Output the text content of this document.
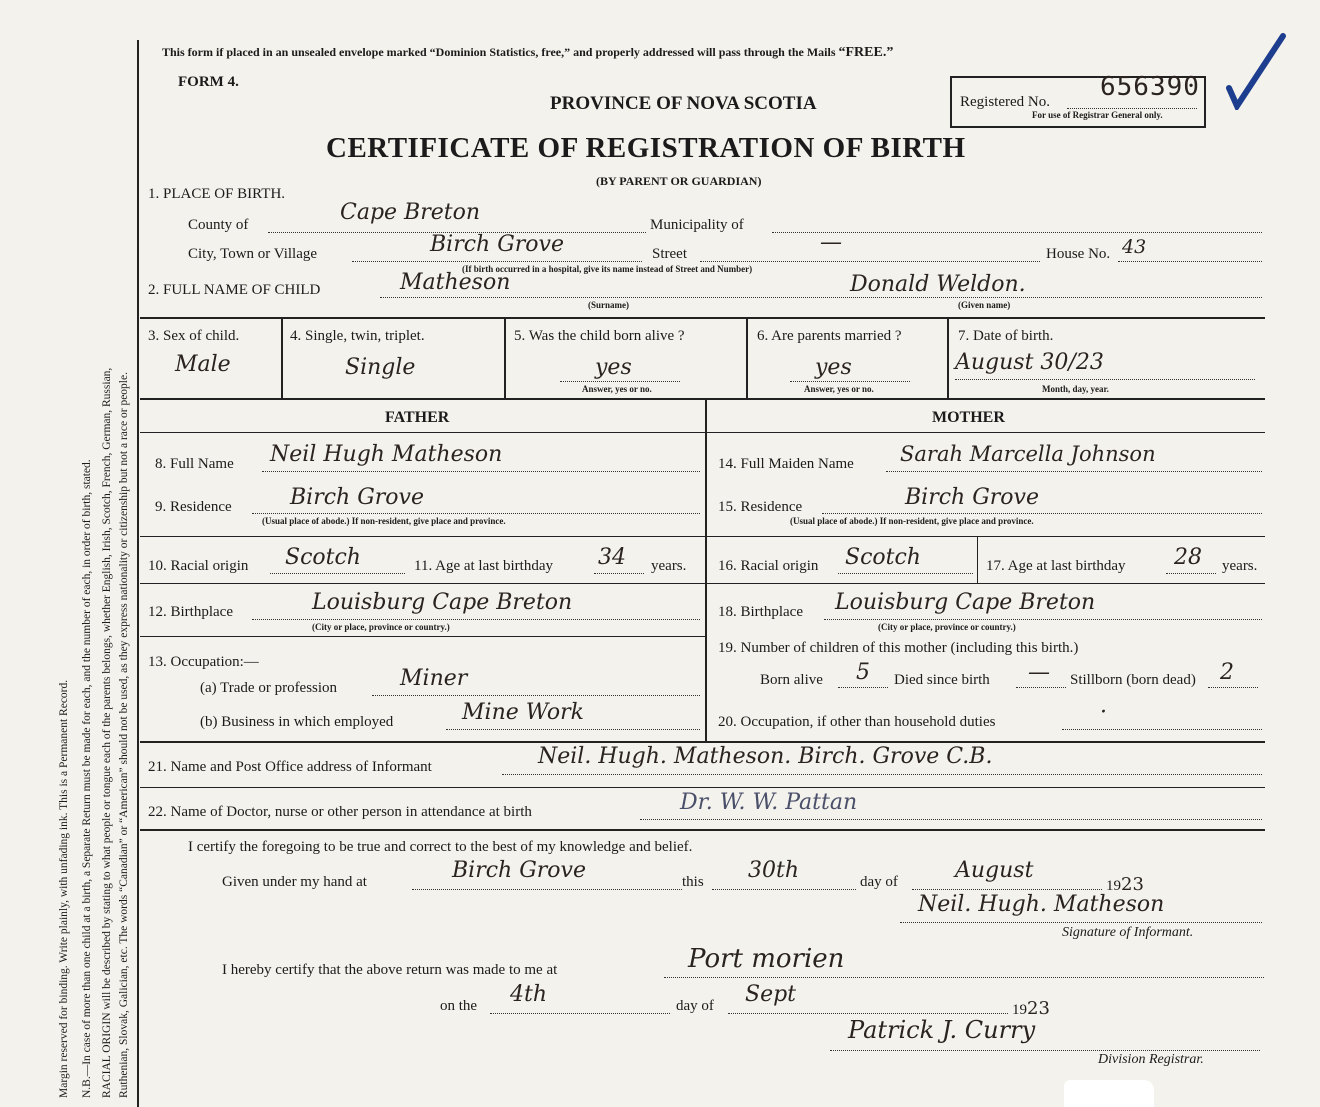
Margin reserved for binding. Write plainly, with unfading ink. This is a Permanent Record. N.B.—In case of more than one child at a birth, a Separate Return must be made for each, and the number of each, in order of birth, stated. RACIAL ORIGIN will be described by stating to what people or tongue each of the parents belongs, whether English, Irish, Scotch, French, German, Russian, Ruthenian, Slovak, Galician, etc. The words “Canadian” or “American” should not be used, as they express nationality or citizenship but not a race or people.
This form if placed in an unsealed envelope marked “Dominion Statistics, free,” and properly addressed will pass through the Mails “FREE.”
FORM 4.
PROVINCE OF NOVA SCOTIA
CERTIFICATE OF REGISTRATION OF BIRTH
(BY PARENT OR GUARDIAN)
Registered No. 656390
For use of Registrar General only.
1. PLACE OF BIRTH.
County of	Cape Breton	Municipality of
City, Town or Village	Birch Grove	Street	—	House No. 43
(If birth occurred in a hospital, give its name instead of Street and Number)
2. FULL NAME OF CHILD	Matheson
(Surname)
Donald Weldon.
(Given name)
3. Sex of child.
Male
4. Single, twin, triplet.
Single
5. Was the child born alive ?
yes
Answer, yes or no.
6. Are parents married ?
yes
Answer, yes or no.
7. Date of birth.
August 30/23
Month, day, year.
FATHER	MOTHER
8. Full Name Neil Hugh Matheson
9. Residence	Birch Grove
(Usual place of abode.) If non-resident, give place and province.
10. Racial origin Scotch	11. Age at last birthday 34 years.
12. Birthplace	Louisburg Cape Breton
(City or place, province or country.)
13. Occupation:—
(a) Trade or profession	Miner
(b) Business in which employed	Mine Work
14. Full Maiden Name Sarah Marcella Johnson
15. Residence	Birch Grove
(Usual place of abode.) If non-resident, give place and province.
16. Racial origin Scotch	17. Age at last birthday 28 years.
18. Birthplace Louisburg Cape Breton
(City or place, province or country.)
19. Number of children of this mother (including this birth.)
Born alive 5 Died since birth — Stillborn (born dead) 2
20. Occupation, if other than household duties	·
21. Name and Post Office address of Informant	Neil. Hugh. Matheson. Birch. Grove C.B.
22. Name of Doctor, nurse or other person in attendance at birth	Dr. W. W. Pattan
I certify the foregoing to be true and correct to the best of my knowledge and belief.
Given under my hand at	Birch Grove	this 30th	day of	August
1923
Neil. Hugh. Matheson
Signature of Informant.
I hereby certify that the above return was made to me at	Port morien
on the 4th	day of Sept
1923
Patrick J. Curry
Division Registrar.
